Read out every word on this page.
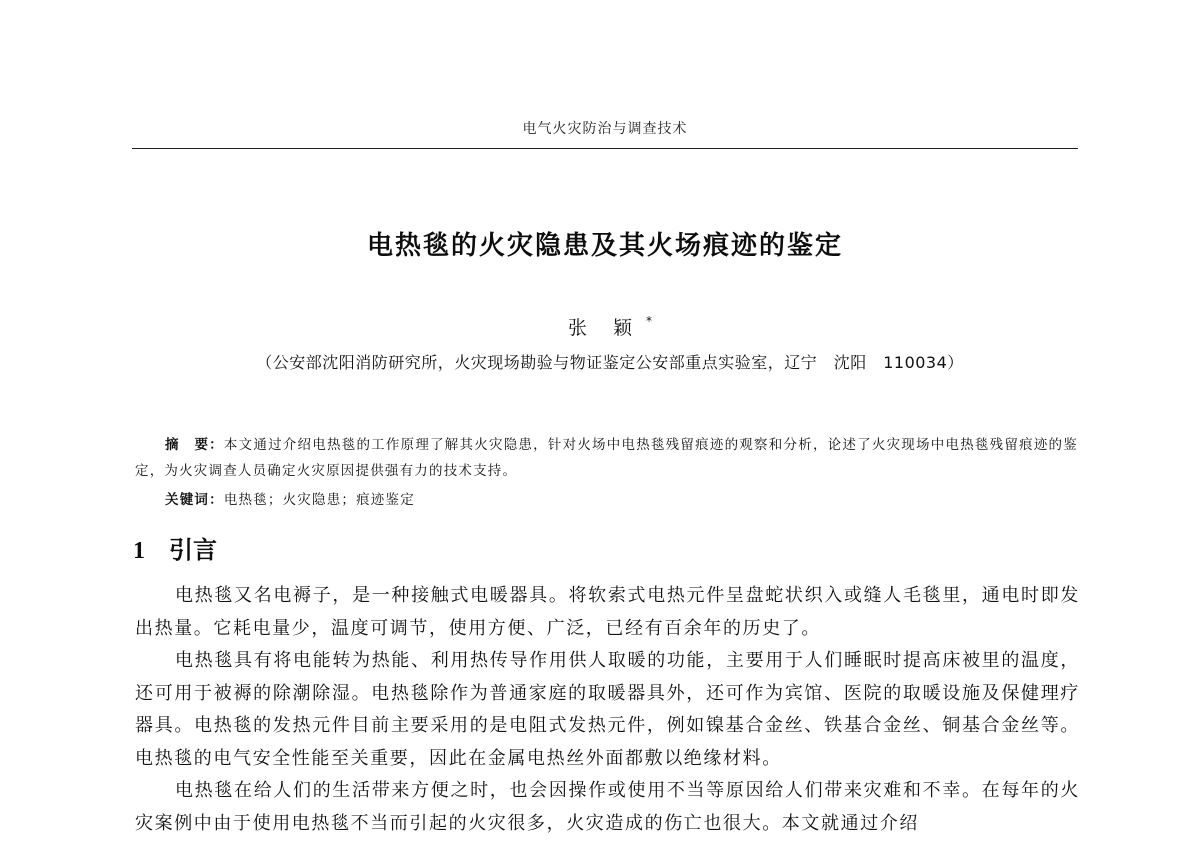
电气火灾防治与调查技术
电热毯的火灾隐患及其火场痕迹的鉴定
张 颖 *
（公安部沈阳消防研究所，火灾现场勘验与物证鉴定公安部重点实验室，辽宁　沈阳　110034）

摘　要：本文通过介绍电热毯的工作原理了解其火灾隐患，针对火场中电热毯残留痕迹的观察和分析，论述了火灾现场中电热毯残留痕迹的鉴定，为火灾调查人员确定火灾原因提供强有力的技术支持。

关键词：电热毯；火灾隐患；痕迹鉴定
1 引言

电热毯又名电褥子，是一种接触式电暖器具。将软索式电热元件呈盘蛇状织入或缝人毛毯里，通电时即发出热量。它耗电量少，温度可调节，使用方便、广泛，已经有百余年的历史了。

电热毯具有将电能转为热能、利用热传导作用供人取暖的功能，主要用于人们睡眠时提高床被里的温度，还可用于被褥的除潮除湿。电热毯除作为普通家庭的取暖器具外，还可作为宾馆、医院的取暖设施及保健理疗器具。电热毯的发热元件目前主要采用的是电阻式发热元件，例如镍基合金丝、铁基合金丝、铜基合金丝等。电热毯的电气安全性能至关重要，因此在金属电热丝外面都敷以绝缘材料。

电热毯在给人们的生活带来方便之时，也会因操作或使用不当等原因给人们带来灾难和不幸。在每年的火灾案例中由于使用电热毯不当而引起的火灾很多，火灾造成的伤亡也很大。本文就通过介绍
